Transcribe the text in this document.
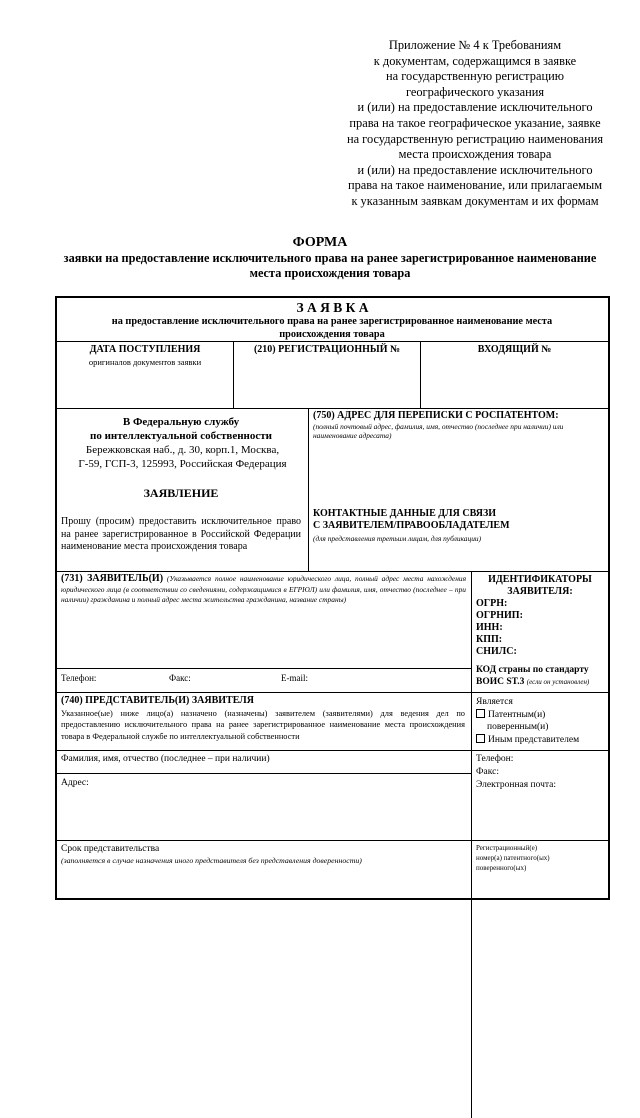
Приложение № 4 к Требованиям
к документам, содержащимся в заявке
на государственную регистрацию
географического указания
и (или) на предоставление исключительного
права на такое географическое указание, заявке
на государственную регистрацию наименования
места происхождения товара
и (или) на предоставление исключительного
права на такое наименование, или прилагаемым
к указанным заявкам документам и их формам
ФОРМА
заявки на предоставление исключительного права на ранее зарегистрированное наименование места происхождения товара
З А Я В К А
на предоставление исключительного права на ранее зарегистрированное наименование места происхождения товара
ДАТА ПОСТУПЛЕНИЯ
оригиналов документов заявки
(210) РЕГИСТРАЦИОННЫЙ №	ВХОДЯЩИЙ №
В Федеральную службу
по интеллектуальной собственности
Бережковская наб., д. 30, корп.1, Москва,
Г-59, ГСП-3, 125993, Российская Федерация
ЗАЯВЛЕНИЕ
Прошу (просим) предоставить исключительное право на ранее зарегистрированное в Российской Федерации наименование места происхождения товара
(750) АДРЕС ДЛЯ ПЕРЕПИСКИ С РОСПАТЕНТОМ:
(полный почтовый адрес, фамилия, имя, отчество (последнее при наличии) или наименование адресата)
КОНТАКТНЫЕ ДАННЫЕ ДЛЯ СВЯЗИ
С ЗАЯВИТЕЛЕМ/ПРАВООБЛАДАТЕЛЕМ
(для представления третьим лицам, для публикации)
(731) ЗАЯВИТЕЛЬ(И) (Указывается полное наименование юридического лица, полный адрес места нахождения юридического лица (в соответствии со сведениями, содержащимися в ЕГРЮЛ) или фамилия, имя, отчество (последнее – при наличии) гражданина и полный адрес места жительства гражданина, название страны)
Телефон:	Факс:	E-mail:
ИДЕНТИФИКАТОРЫ
ЗАЯВИТЕЛЯ:
ОГРН:
ОГРНИП:
ИНН:
КПП:
СНИЛС:
КОД страны по стандарту
ВОИС ST.3 (если он установлен)
(740) ПРЕДСТАВИТЕЛЬ(И) ЗАЯВИТЕЛЯ
Указанное(ые) ниже лицо(а) назначено (назначены) заявителем (заявителями) для ведения дел по предоставлению исключительного права на ранее зарегистрированное наименование места происхождения товара в Федеральной службе по интеллектуальной собственности
Является
Патентным(и)
поверенным(и)
Иным представителем
Фамилия, имя, отчество (последнее – при наличии)
Адрес:
Телефон:
Факс:
Электронная почта:
Срок представительства
(заполняется в случае назначения иного представителя без представления доверенности)
Регистрационный(е)
номер(а) патентного(ых)
поверенного(ых)
